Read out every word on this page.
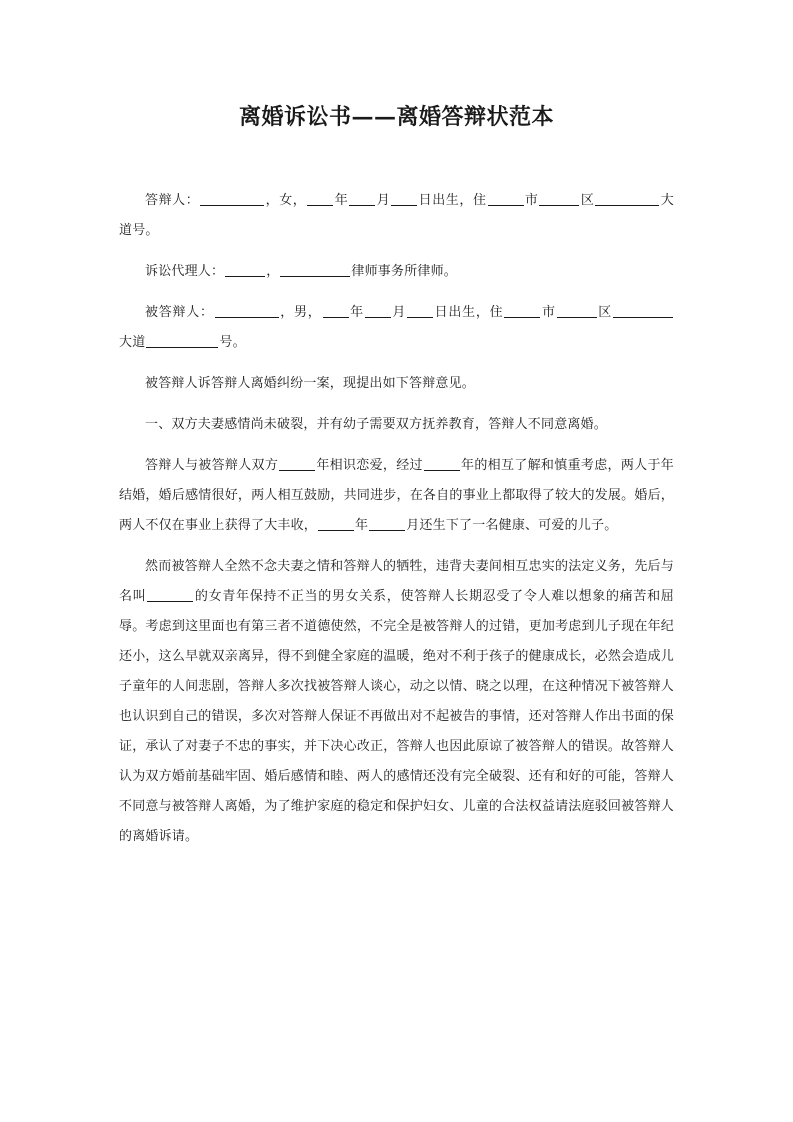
离婚诉讼书——离婚答辩状范本

答辩人：	，女， 年 月 日出生，住	市	区	大道号。

诉讼代理人：	，	律师事务所律师。

被答辩人：	，男， 年 月 日出生，住	市	区大道	号。

被答辩人诉答辩人离婚纠纷一案，现提出如下答辩意见。

一、双方夫妻感情尚未破裂，并有幼子需要双方抚养教育，答辩人不同意离婚。

答辩人与被答辩人双方	年相识恋爱，经过	年的相互了解和慎重考虑，两人于年结婚，婚后感情很好，两人相互鼓励，共同进步，在各自的事业上都取得了较大的发展。婚后，两人不仅在事业上获得了大丰收，	年	月还生下了一名健康、可爱的儿子。

然而被答辩人全然不念夫妻之情和答辩人的牺牲，违背夫妻间相互忠实的法定义务，先后与名叫	的女青年保持不正当的男女关系，使答辩人长期忍受了令人难以想象的痛苦和屈辱。考虑到这里面也有第三者不道德使然，不完全是被答辩人的过错，更加考虑到儿子现在年纪还小，这么早就双亲离异，得不到健全家庭的温暖，绝对不利于孩子的健康成长，必然会造成儿子童年的人间悲剧，答辩人多次找被答辩人谈心，动之以情、晓之以理，在这种情况下被答辩人也认识到自己的错误，多次对答辩人保证不再做出对不起被告的事情，还对答辩人作出书面的保证，承认了对妻子不忠的事实，并下决心改正，答辩人也因此原谅了被答辩人的错误。故答辩人认为双方婚前基础牢固、婚后感情和睦、两人的感情还没有完全破裂、还有和好的可能，答辩人不同意与被答辩人离婚，为了维护家庭的稳定和保护妇女、儿童的合法权益请法庭驳回被答辩人的离婚诉请。
